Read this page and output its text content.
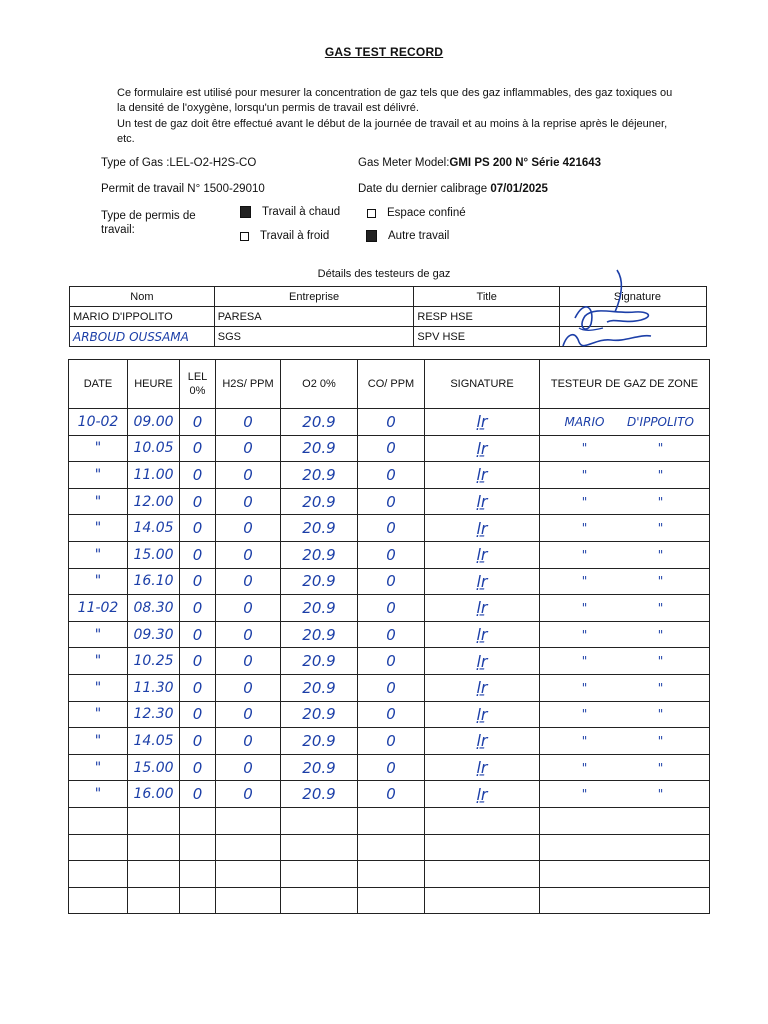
GAS TEST RECORD
Ce formulaire est utilisé pour mesurer la concentration de gaz tels que des gaz inflammables, des gaz toxiques ou la densité de l'oxygène, lorsqu'un permis de travail est délivré.
Un test de gaz doit être effectué avant le début de la journée de travail et au moins à la reprise après le déjeuner, etc.
Type of Gas :LEL-O2-H2S-CO	Gas Meter Model:GMI PS 200 N° Série 421643
Permit de travail N° 1500-29010	Date du dernier calibrage 07/01/2025
Type de permis de travail:
Travail à chaud	Espace confiné
Travail à froid	Autre travail
Détails des testeurs de gaz
Nom	Entreprise	Title	Signature
MARIO D'IPPOLITO	PARESA	RESP HSE	
ARBOUD OUSSAMA	SGS	SPV HSE	
DATE	HEURE	LEL 0%	H2S/ PPM	O2 0%	CO/ PPM	SIGNATURE	TESTEUR DE GAZ DE ZONE
10-02	09.00	0	0	20.9	0	ḷṟ	MARIO D'IPPOLITO
"	10.05	0	0	20.9	0	ḷṟ	" "
"	11.00	0	0	20.9	0	ḷṟ	" "
"	12.00	0	0	20.9	0	ḷṟ	" "
"	14.05	0	0	20.9	0	ḷṟ	" "
"	15.00	0	0	20.9	0	ḷṟ	" "
"	16.10	0	0	20.9	0	ḷṟ	" "
11-02	08.30	0	0	20.9	0	ḷṟ	" "
"	09.30	0	0	20.9	0	ḷṟ	" "
"	10.25	0	0	20.9	0	ḷṟ	" "
"	11.30	0	0	20.9	0	ḷṟ	" "
"	12.30	0	0	20.9	0	ḷṟ	" "
"	14.05	0	0	20.9	0	ḷṟ	" "
"	15.00	0	0	20.9	0	ḷṟ	" "
"	16.00	0	0	20.9	0	ḷṟ	" "
